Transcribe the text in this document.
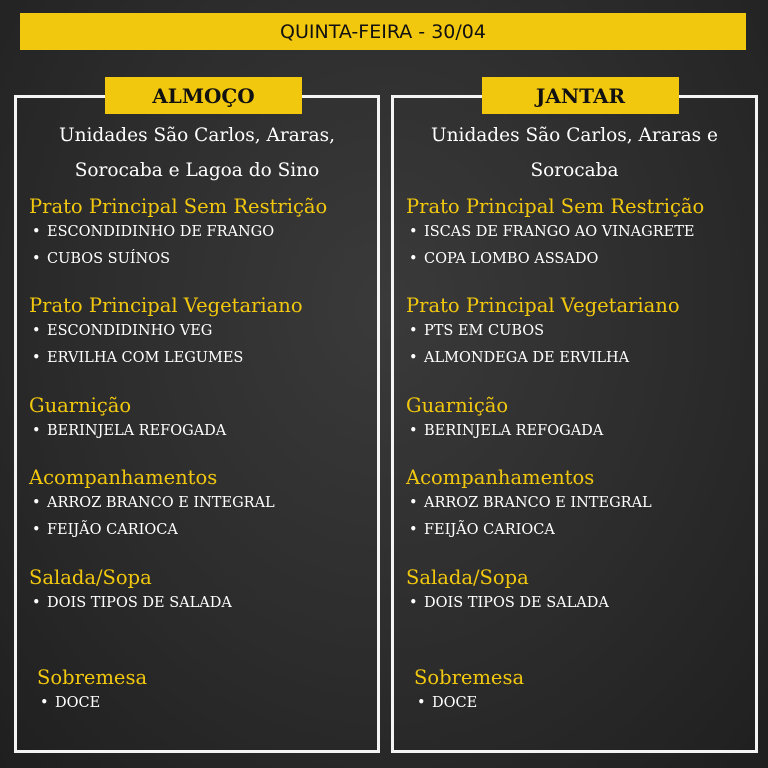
QUINTA-FEIRA - 30/04
ALMOÇO
Unidades São Carlos, Araras,
Sorocaba e Lagoa do Sino
Prato Principal Sem Restrição
• ESCONDIDINHO DE FRANGO
• CUBOS SUÍNOS
Prato Principal Vegetariano
• ESCONDIDINHO VEG
• ERVILHA COM LEGUMES
Guarnição
• BERINJELA REFOGADA
Acompanhamentos
• ARROZ BRANCO E INTEGRAL
• FEIJÃO CARIOCA
Salada/Sopa
• DOIS TIPOS DE SALADA
Sobremesa
• DOCE
JANTAR
Unidades São Carlos, Araras e
Sorocaba
Prato Principal Sem Restrição
• ISCAS DE FRANGO AO VINAGRETE
• COPA LOMBO ASSADO
Prato Principal Vegetariano
• PTS EM CUBOS
• ALMONDEGA DE ERVILHA
Guarnição
• BERINJELA REFOGADA
Acompanhamentos
• ARROZ BRANCO E INTEGRAL
• FEIJÃO CARIOCA
Salada/Sopa
• DOIS TIPOS DE SALADA
Sobremesa
• DOCE
